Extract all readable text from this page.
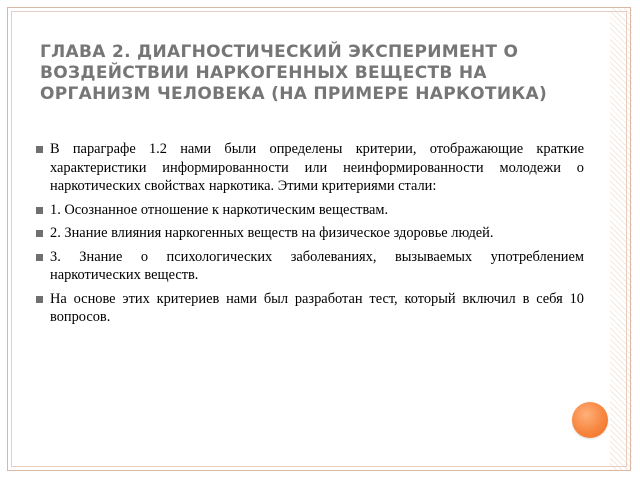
ГЛАВА 2. ДИАГНОСТИЧЕСКИЙ ЭКСПЕРИМЕНТ О ВОЗДЕЙСТВИИ НАРКОГЕННЫХ ВЕЩЕСТВ НА ОРГАНИЗМ ЧЕЛОВЕКА (НА ПРИМЕРЕ НАРКОТИКА)
В параграфе 1.2 нами были определены критерии, отображающие краткие характеристики информированности или неинформированности молодежи о наркотических свойствах наркотика. Этими критериями стали:
1. Осознанное отношение к наркотическим веществам.
2. Знание влияния наркогенных веществ на физическое здоровье людей.
3. Знание о психологических заболеваниях, вызываемых употреблением наркотических веществ.
На основе этих критериев нами был разработан тест, который включил в себя 10 вопросов.
